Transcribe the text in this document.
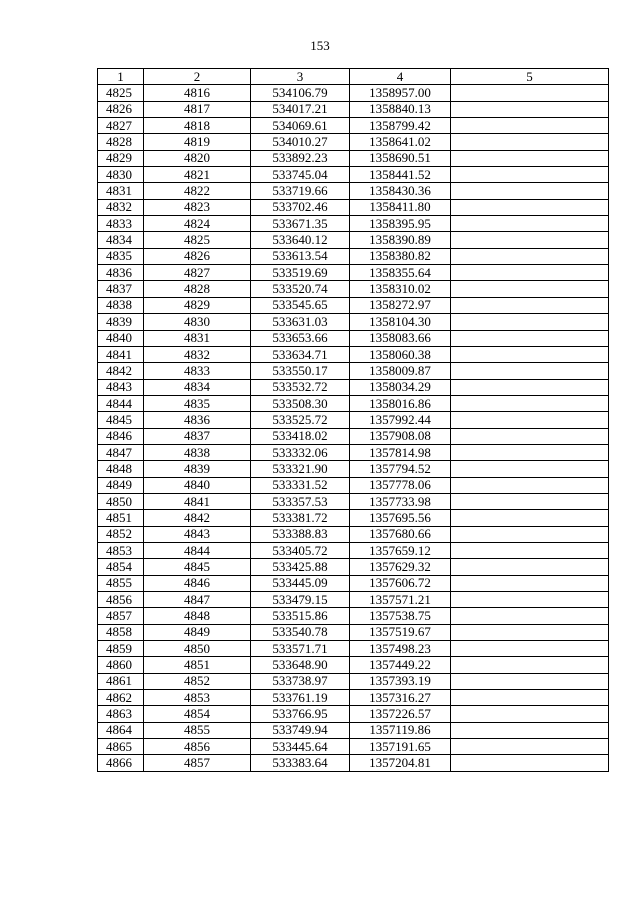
153
1	2	3	4	5
4825	4816	534106.79	1358957.00	
4826	4817	534017.21	1358840.13	
4827	4818	534069.61	1358799.42	
4828	4819	534010.27	1358641.02	
4829	4820	533892.23	1358690.51	
4830	4821	533745.04	1358441.52	
4831	4822	533719.66	1358430.36	
4832	4823	533702.46	1358411.80	
4833	4824	533671.35	1358395.95	
4834	4825	533640.12	1358390.89	
4835	4826	533613.54	1358380.82	
4836	4827	533519.69	1358355.64	
4837	4828	533520.74	1358310.02	
4838	4829	533545.65	1358272.97	
4839	4830	533631.03	1358104.30	
4840	4831	533653.66	1358083.66	
4841	4832	533634.71	1358060.38	
4842	4833	533550.17	1358009.87	
4843	4834	533532.72	1358034.29	
4844	4835	533508.30	1358016.86	
4845	4836	533525.72	1357992.44	
4846	4837	533418.02	1357908.08	
4847	4838	533332.06	1357814.98	
4848	4839	533321.90	1357794.52	
4849	4840	533331.52	1357778.06	
4850	4841	533357.53	1357733.98	
4851	4842	533381.72	1357695.56	
4852	4843	533388.83	1357680.66	
4853	4844	533405.72	1357659.12	
4854	4845	533425.88	1357629.32	
4855	4846	533445.09	1357606.72	
4856	4847	533479.15	1357571.21	
4857	4848	533515.86	1357538.75	
4858	4849	533540.78	1357519.67	
4859	4850	533571.71	1357498.23	
4860	4851	533648.90	1357449.22	
4861	4852	533738.97	1357393.19	
4862	4853	533761.19	1357316.27	
4863	4854	533766.95	1357226.57	
4864	4855	533749.94	1357119.86	
4865	4856	533445.64	1357191.65	
4866	4857	533383.64	1357204.81	
